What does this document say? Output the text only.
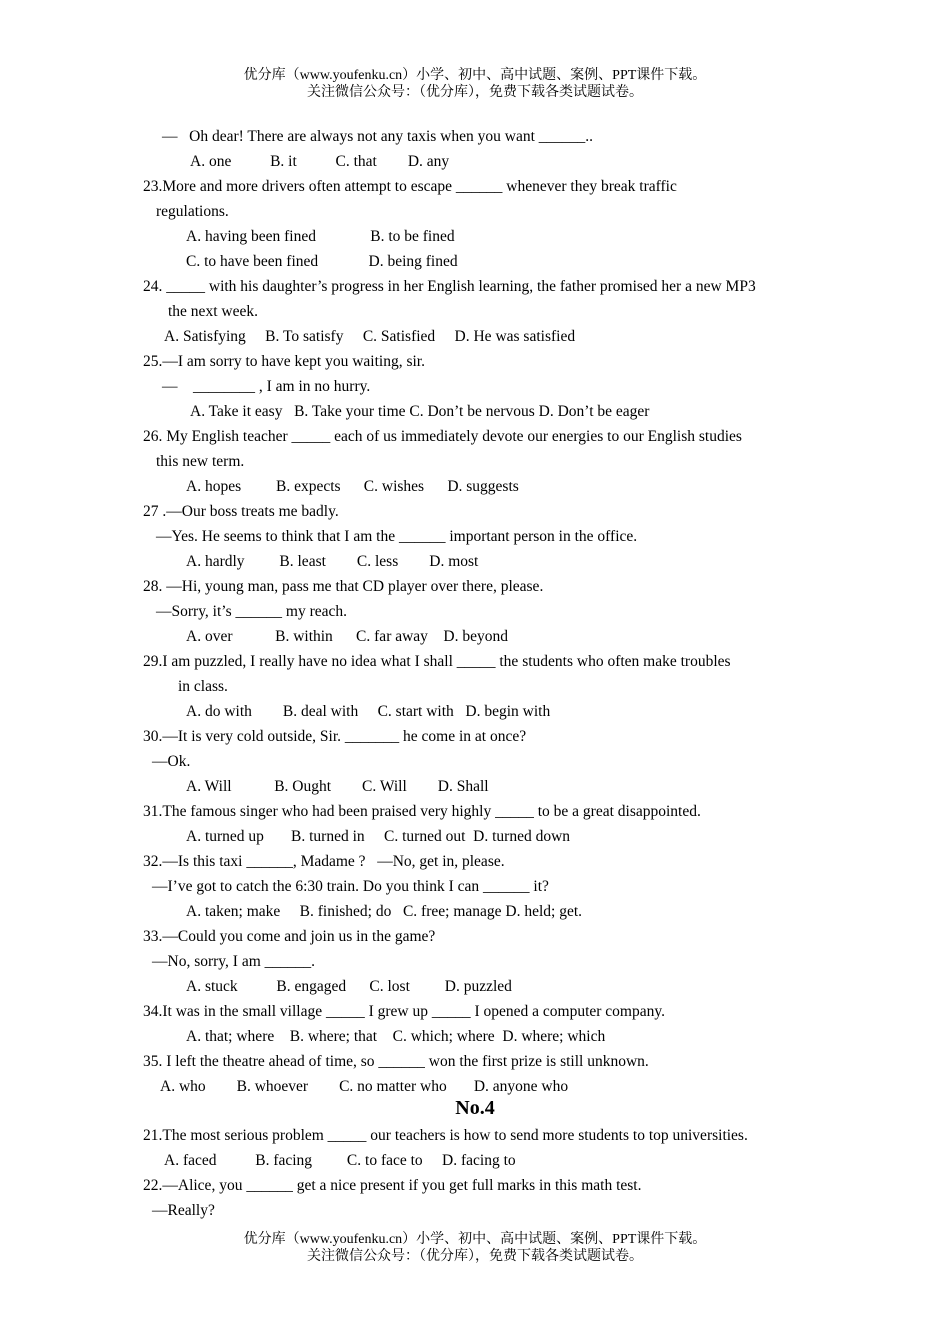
优分库（www.youfenku.cn）小学、初中、高中试题、案例、PPT课件下载。
关注微信公众号：（优分库），免费下载各类试题试卷。
—   Oh dear! There are always not any taxis when you want ______..
A. one          B. it          C. that        D. any
23.More and more drivers often attempt to escape ______ whenever they break traffic
regulations.
A. having been fined              B. to be fined
C. to have been fined             D. being fined
24. _____ with his daughter’s progress in her English learning, the father promised her a new MP3
the next week.
A. Satisfying     B. To satisfy     C. Satisfied     D. He was satisfied
25.—I am sorry to have kept you waiting, sir.
—    ________ , I am in no hurry.
A. Take it easy   B. Take your time C. Don’t be nervous D. Don’t be eager
26. My English teacher _____ each of us immediately devote our energies to our English studies
this new term.
A. hopes         B. expects      C. wishes      D. suggests
27 .—Our boss treats me badly.
—Yes. He seems to think that I am the ______ important person in the office.
A. hardly         B. least        C. less        D. most
28. —Hi, young man, pass me that CD player over there, please.
—Sorry, it’s ______ my reach.
A. over           B. within      C. far away    D. beyond
29.I am puzzled, I really have no idea what I shall _____ the students who often make troubles
in class.
A. do with        B. deal with     C. start with   D. begin with
30.—It is very cold outside, Sir. _______ he come in at once?
—Ok.
A. Will           B. Ought        C. Will        D. Shall
31.The famous singer who had been praised very highly _____ to be a great disappointed.
A. turned up       B. turned in     C. turned out  D. turned down
32.—Is this taxi ______, Madame ?   —No, get in, please.
—I’ve got to catch the 6:30 train. Do you think I can ______ it?
A. taken; make     B. finished; do   C. free; manage D. held; get.
33.—Could you come and join us in the game?
—No, sorry, I am ______.
A. stuck          B. engaged      C. lost         D. puzzled
34.It was in the small village _____ I grew up _____ I opened a computer company.
A. that; where    B. where; that    C. which; where  D. where; which
35. I left the theatre ahead of time, so ______ won the first prize is still unknown.
A. who        B. whoever        C. no matter who       D. anyone who
No.4
21.The most serious problem _____ our teachers is how to send more students to top universities.
A. faced          B. facing         C. to face to     D. facing to
22.—Alice, you ______ get a nice present if you get full marks in this math test.
—Really?
优分库（www.youfenku.cn）小学、初中、高中试题、案例、PPT课件下载。
关注微信公众号：（优分库），免费下载各类试题试卷。
